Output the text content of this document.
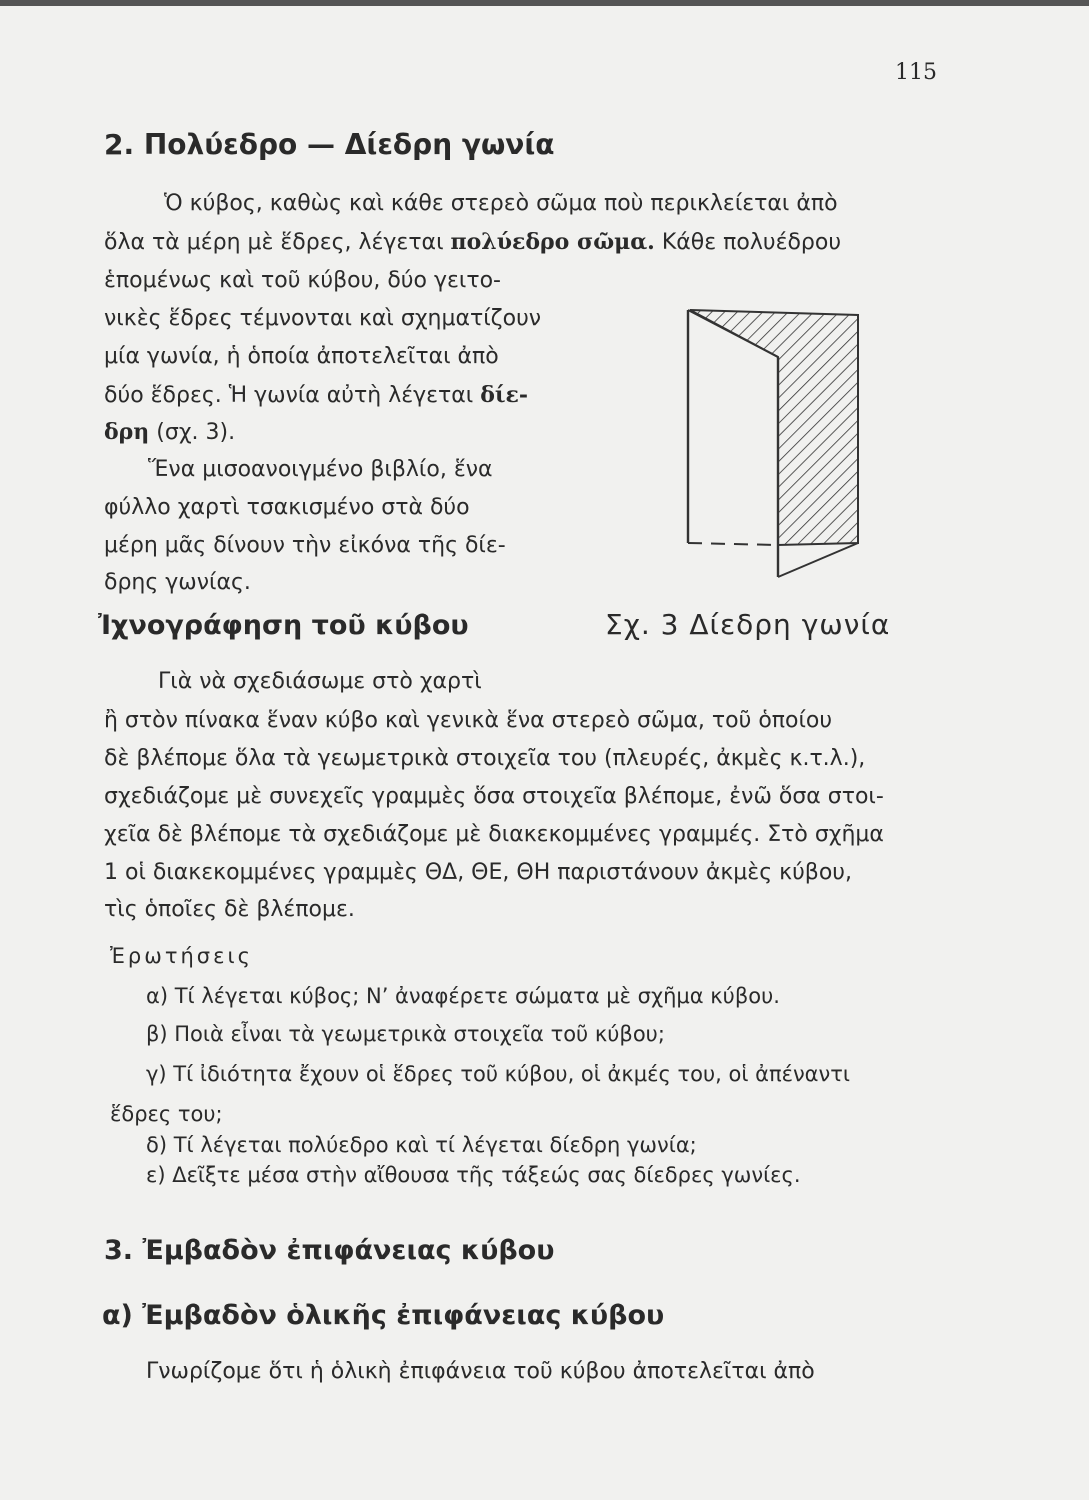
115
2. Πολύεδρο — Δίεδρη γωνία
Ὁ κύβος, καθὼς καὶ κάθε στερεὸ σῶμα ποὺ περικλείεται ἀπὸ
ὅλα τὰ μέρη μὲ ἕδρες, λέγεται πολύεδρο σῶμα. Κάθε πολυέδρου
ἑπομένως καὶ τοῦ κύβου, δύο γειτο-
νικὲς ἕδρες τέμνονται καὶ σχηματίζουν
μία γωνία, ἡ ὁποία ἀποτελεῖται ἀπὸ
δύο ἕδρες. Ἡ γωνία αὐτὴ λέγεται δίε-
δρη (σχ. 3).
Ἕνα μισοανοιγμένο βιβλίο, ἕνα
φύλλο χαρτὶ τσακισμένο στὰ δύο
μέρη μᾶς δίνουν τὴν εἰκόνα τῆς δίε-
δρης γωνίας.
Ἰχνογράφηση τοῦ κύβου	Σχ. 3 Δίεδρη γωνία
Γιὰ νὰ σχεδιάσωμε στὸ χαρτὶ
ἢ στὸν πίνακα ἕναν κύβο καὶ γενικὰ ἕνα στερεὸ σῶμα, τοῦ ὁποίου
δὲ βλέπομε ὅλα τὰ γεωμετρικὰ στοιχεῖα του (πλευρές, ἀκμὲς κ.τ.λ.),
σχεδιάζομε μὲ συνεχεῖς γραμμὲς ὅσα στοιχεῖα βλέπομε, ἐνῶ ὅσα στοι-
χεῖα δὲ βλέπομε τὰ σχεδιάζομε μὲ διακεκομμένες γραμμές. Στὸ σχῆμα
1 οἱ διακεκομμένες γραμμὲς ΘΔ, ΘΕ, ΘΗ παριστάνουν ἀκμὲς κύβου,
τὶς ὁποῖες δὲ βλέπομε.
Ἐρωτήσεις
α) Τί λέγεται κύβος; Ν’ ἀναφέρετε σώματα μὲ σχῆμα κύβου.
β) Ποιὰ εἶναι τὰ γεωμετρικὰ στοιχεῖα τοῦ κύβου;
γ) Τί ἰδιότητα ἔχουν οἱ ἕδρες τοῦ κύβου, οἱ ἀκμές του, οἱ ἀπέναντι
ἕδρες του;
δ) Τί λέγεται πολύεδρο καὶ τί λέγεται δίεδρη γωνία;
ε) Δεῖξτε μέσα στὴν αἴθουσα τῆς τάξεώς σας δίεδρες γωνίες.
3. Ἐμβαδὸν ἐπιφάνειας κύβου
α) Ἐμβαδὸν ὁλικῆς ἐπιφάνειας κύβου
Γνωρίζομε ὅτι ἡ ὁλικὴ ἐπιφάνεια τοῦ κύβου ἀποτελεῖται ἀπὸ
